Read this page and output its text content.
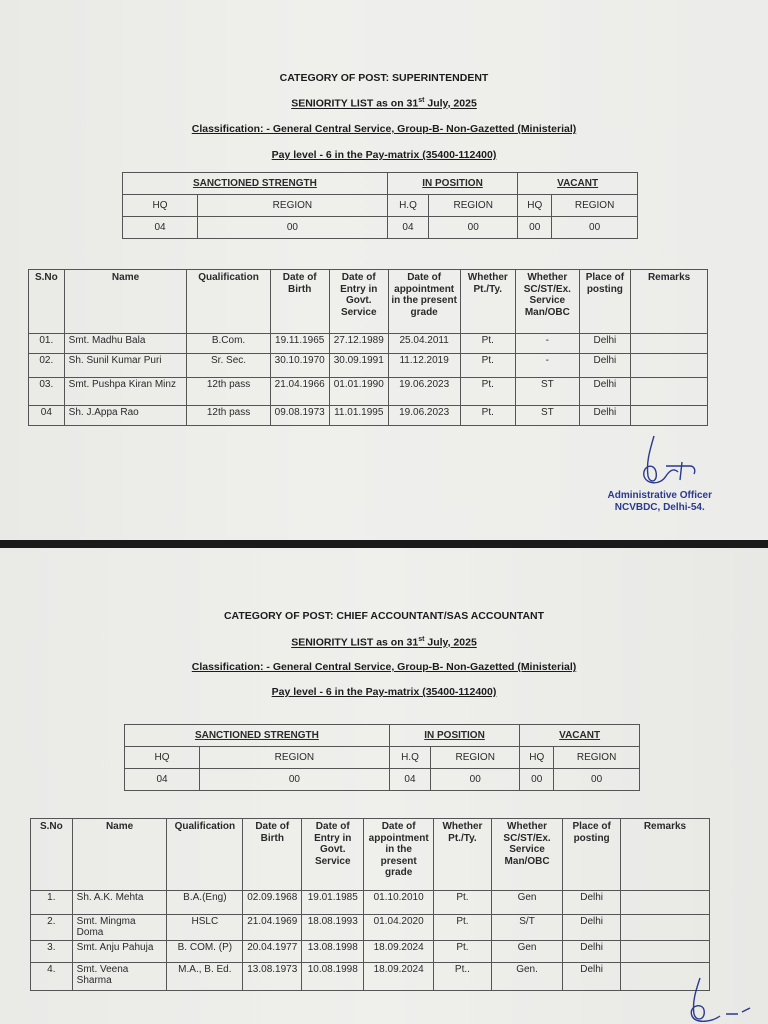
CATEGORY OF POST: SUPERINTENDENT
SENIORITY LIST as on 31st July, 2025
Classification: - General Central Service, Group-B- Non-Gazetted (Ministerial)
Pay level - 6 in the Pay-matrix (35400-112400)
SANCTIONED STRENGTH		IN POSITION		VACANT	
HQ	REGION	H.Q	REGION	HQ	REGION
04	00	04	00	00	00
S.No	Name	Qualification	Date of Birth	Date of Entry in Govt. Service	Date of appointment in the present grade	Whether Pt./Ty.	Whether SC/ST/Ex. Service Man/OBC	Place of posting	Remarks
01.	Smt. Madhu Bala	B.Com.	19.11.1965	27.12.1989	25.04.2011	Pt.	-	Delhi	
02.	Sh. Sunil Kumar Puri	Sr. Sec.	30.10.1970	30.09.1991	11.12.2019	Pt.	-	Delhi	
03.	Smt. Pushpa Kiran Minz	12th pass	21.04.1966	01.01.1990	19.06.2023	Pt.	ST	Delhi	
04	Sh. J.Appa Rao	12th pass	09.08.1973	11.01.1995	19.06.2023	Pt.	ST	Delhi	
Administrative Officer
NCVBDC, Delhi-54.
CATEGORY OF POST: CHIEF ACCOUNTANT/SAS ACCOUNTANT
SENIORITY LIST as on 31st July, 2025
Classification: - General Central Service, Group-B- Non-Gazetted (Ministerial)
Pay level - 6 in the Pay-matrix (35400-112400)
SANCTIONED STRENGTH		IN POSITION		VACANT	
HQ	REGION	H.Q	REGION	HQ	REGION
04	00	04	00	00	00
S.No	Name	Qualification	Date of Birth	Date of Entry in Govt. Service	Date of appointment in the present grade	Whether Pt./Ty.	Whether SC/ST/Ex. Service Man/OBC	Place of posting	Remarks
1.	Sh. A.K. Mehta	B.A.(Eng)	02.09.1968	19.01.1985	01.10.2010	Pt.	Gen	Delhi	
2.	Smt. Mingma Doma	HSLC	21.04.1969	18.08.1993	01.04.2020	Pt.	S/T	Delhi	
3.	Smt. Anju Pahuja	B. COM. (P)	20.04.1977	13.08.1998	18.09.2024	Pt.	Gen	Delhi	
4.	Smt. Veena Sharma	M.A., B. Ed.	13.08.1973	10.08.1998	18.09.2024	Pt..	Gen.	Delhi	
